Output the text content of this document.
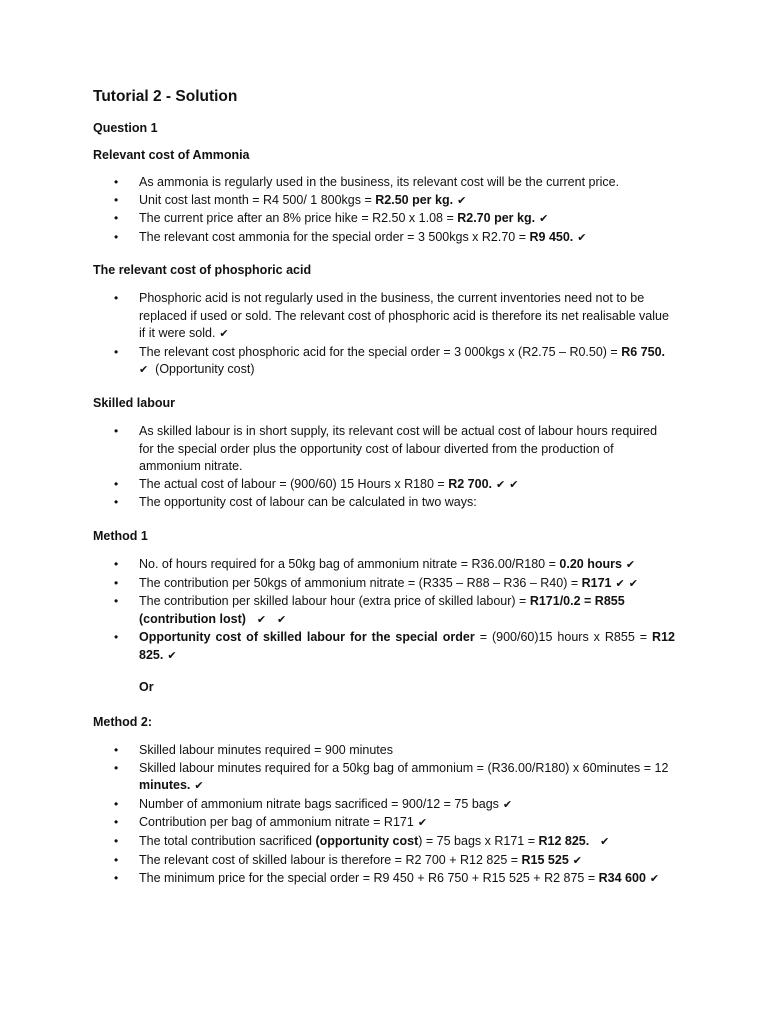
Tutorial 2 - Solution
Question 1
Relevant cost of Ammonia
• As ammonia is regularly used in the business, its relevant cost will be the current price.
• Unit cost last month = R4 500/ 1 800kgs = R2.50 per kg. ✔
• The current price after an 8% price hike = R2.50 x 1.08 = R2.70 per kg. ✔
• The relevant cost ammonia for the special order = 3 500kgs x R2.70 = R9 450. ✔
The relevant cost of phosphoric acid
• Phosphoric acid is not regularly used in the business, the current inventories need not to be replaced if used or sold. The relevant cost of phosphoric acid is therefore its net realisable value if it were sold. ✔
• The relevant cost phosphoric acid for the special order = 3 000kgs x (R2.75 – R0.50) = R6 750.
✔ (Opportunity cost)
Skilled labour
• As skilled labour is in short supply, its relevant cost will be actual cost of labour hours required for the special order plus the opportunity cost of labour diverted from the production of ammonium nitrate.
• The actual cost of labour = (900/60) 15 Hours x R180 = R2 700. ✔ ✔
• The opportunity cost of labour can be calculated in two ways:
Method 1
• No. of hours required for a 50kg bag of ammonium nitrate = R36.00/R180 = 0.20 hours ✔
• The contribution per 50kgs of ammonium nitrate = (R335 – R88 – R36 – R40) = R171 ✔ ✔
• The contribution per skilled labour hour (extra price of skilled labour) = R171/0.2 = R855 (contribution lost) ✔ ✔
• Opportunity cost of skilled labour for the special order = (900/60)15 hours x R855 = R12 825. ✔
Or
Method 2:
• Skilled labour minutes required = 900 minutes
• Skilled labour minutes required for a 50kg bag of ammonium = (R36.00/R180) x 60minutes = 12 minutes. ✔
• Number of ammonium nitrate bags sacrificed = 900/12 = 75 bags ✔
• Contribution per bag of ammonium nitrate = R171 ✔
• The total contribution sacrificed (opportunity cost) = 75 bags x R171 = R12 825. ✔
• The relevant cost of skilled labour is therefore = R2 700 + R12 825 = R15 525 ✔
• The minimum price for the special order = R9 450 + R6 750 + R15 525 + R2 875 = R34 600 ✔
